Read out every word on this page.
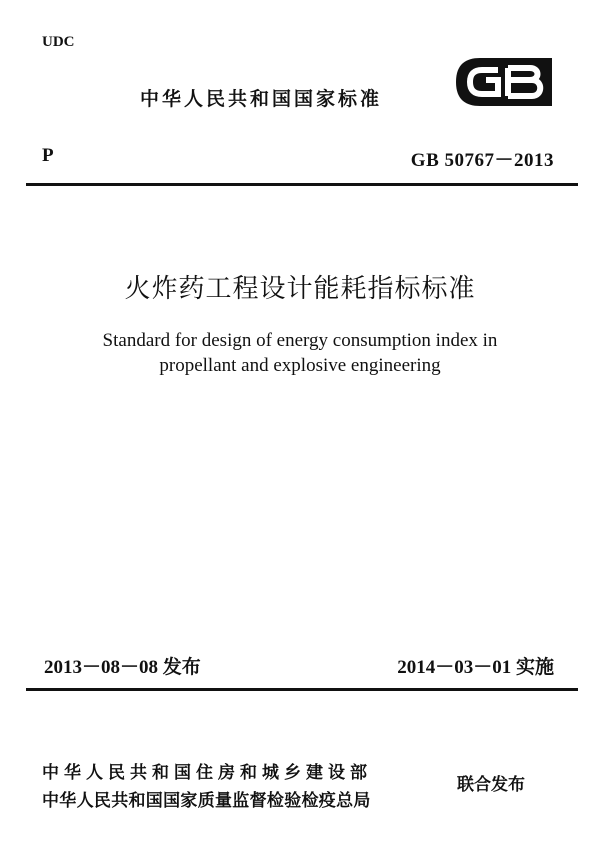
UDC
中华人民共和国国家标准
P	GB 50767－2013
火炸药工程设计能耗指标标准
Standard for design of energy consumption index in
propellant and explosive engineering
2013－08－08 发布	2014－03－01 实施
中华人民共和国住房和城乡建设部
中华人民共和国国家质量监督检验检疫总局
联合发布
